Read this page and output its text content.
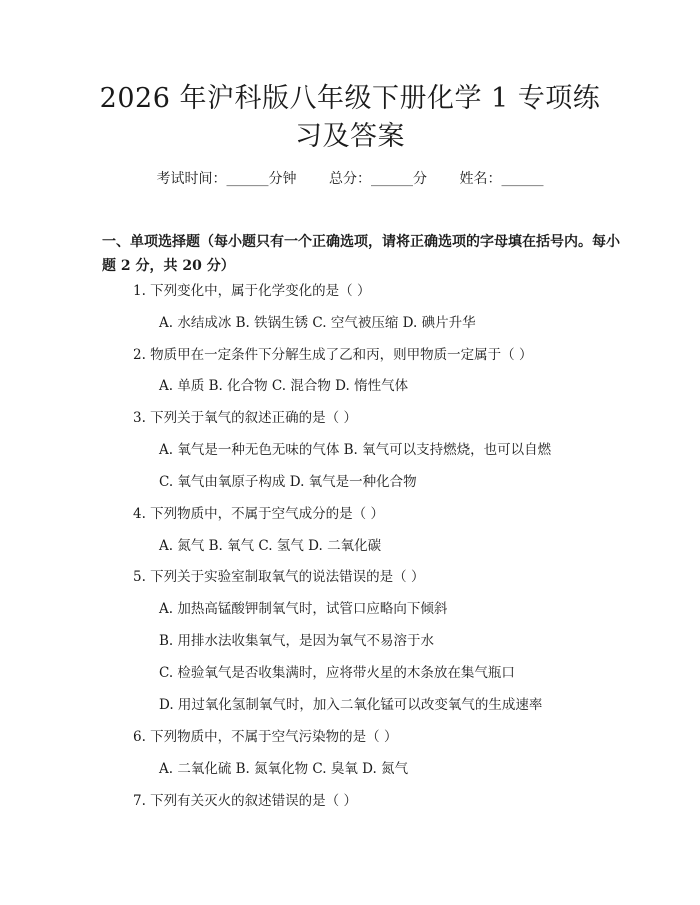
2026 年沪科版八年级下册化学 1 专项练习及答案
考试时间：______分钟 总分：______分 姓名：______

一、单项选择题（每小题只有一个正确选项，请将正确选项的字母填在括号内。每小题 2 分，共 20 分）

1. 下列变化中，属于化学变化的是（ ）
A. 水结成冰 B. 铁锅生锈 C. 空气被压缩 D. 碘片升华
2. 物质甲在一定条件下分解生成了乙和丙，则甲物质一定属于（ ）
A. 单质 B. 化合物 C. 混合物 D. 惰性气体
3. 下列关于氧气的叙述正确的是（ ）
A. 氧气是一种无色无味的气体 B. 氧气可以支持燃烧，也可以自燃
C. 氧气由氧原子构成 D. 氧气是一种化合物
4. 下列物质中，不属于空气成分的是（ ）
A. 氮气 B. 氧气 C. 氢气 D. 二氧化碳
5. 下列关于实验室制取氧气的说法错误的是（ ）
A. 加热高锰酸钾制氧气时，试管口应略向下倾斜
B. 用排水法收集氧气，是因为氧气不易溶于水
C. 检验氧气是否收集满时，应将带火星的木条放在集气瓶口
D. 用过氧化氢制氧气时，加入二氧化锰可以改变氧气的生成速率
6. 下列物质中，不属于空气污染物的是（ ）
A. 二氧化硫 B. 氮氧化物 C. 臭氧 D. 氮气
7. 下列有关灭火的叙述错误的是（ ）
